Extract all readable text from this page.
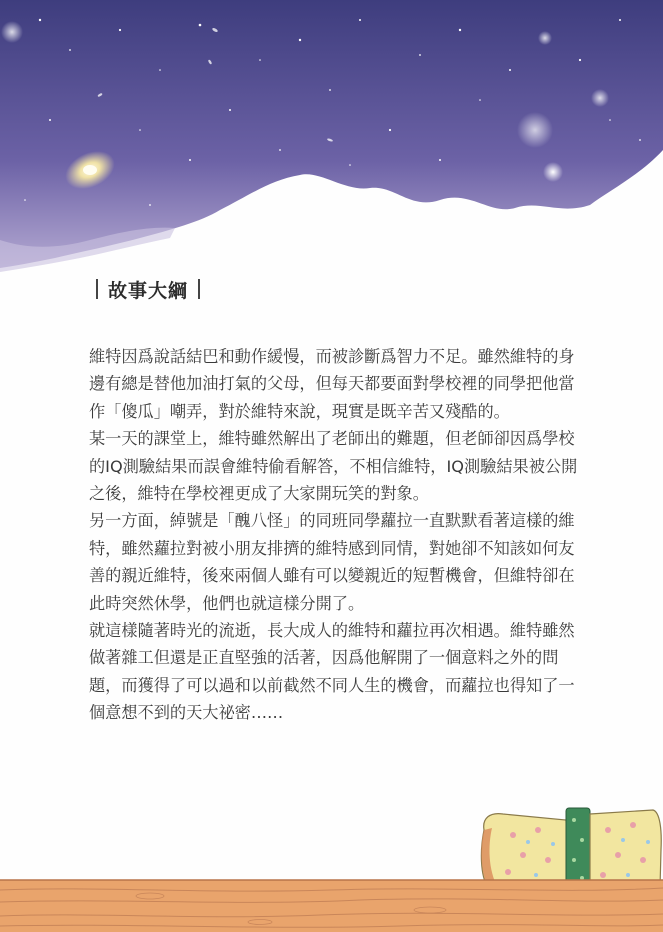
故事大綱

維特因爲說話結巴和動作緩慢，而被診斷爲智力不足。雖然維特的身邊有總是替他加油打氣的父母，但每天都要面對學校裡的同學把他當作「傻瓜」嘲弄，對於維特來說，現實是既辛苦又殘酷的。

某一天的課堂上，維特雖然解出了老師出的難題，但老師卻因爲學校的IQ測驗結果而誤會維特偷看解答，不相信維特，IQ測驗結果被公開之後，維特在學校裡更成了大家開玩笑的對象。

另一方面，綽號是「醜八怪」的同班同學蘿拉一直默默看著這樣的維特，雖然蘿拉對被小朋友排擠的維特感到同情，對她卻不知該如何友善的親近維特，後來兩個人雖有可以變親近的短暫機會，但維特卻在此時突然休學，他們也就這樣分開了。

就這樣隨著時光的流逝，長大成人的維特和蘿拉再次相遇。維特雖然做著雜工但還是正直堅強的活著，因爲他解開了一個意料之外的問題，而獲得了可以過和以前截然不同人生的機會，而蘿拉也得知了一個意想不到的天大祕密……
